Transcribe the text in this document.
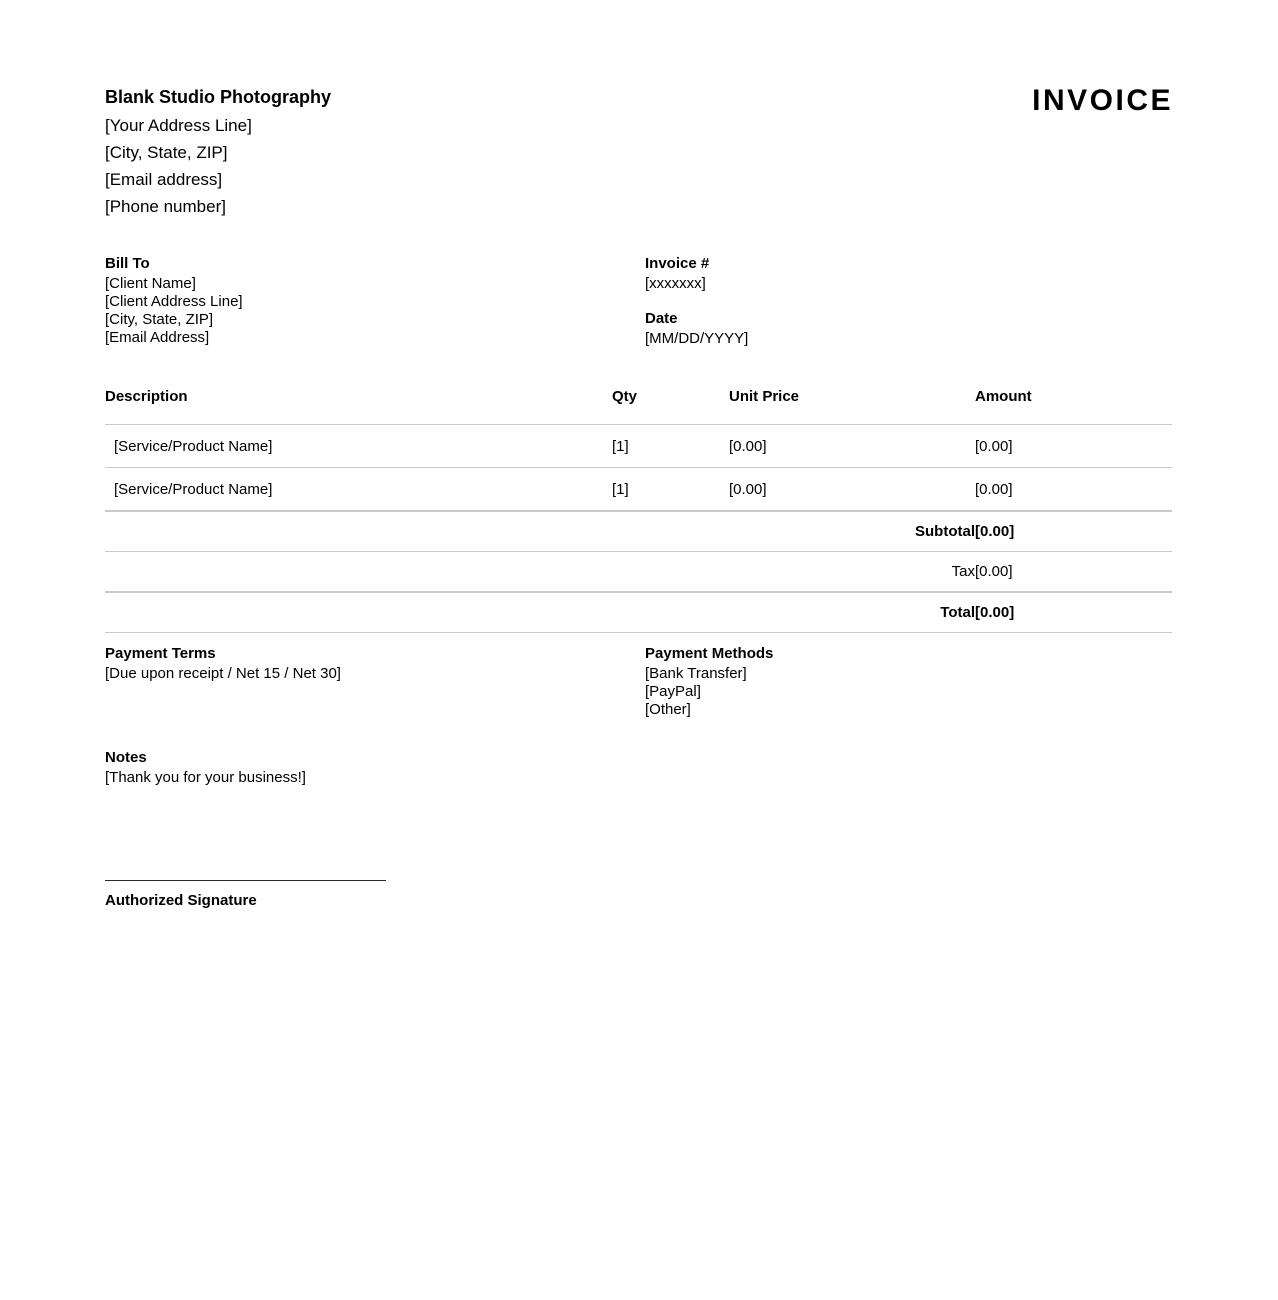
Blank Studio Photography
[Your Address Line]
[City, State, ZIP]
[Email address]
[Phone number]
INVOICE
Bill To
[Client Name]
[Client Address Line]
[City, State, ZIP]
[Email Address]
Invoice #
[xxxxxxx]
Date
[MM/DD/YYYY]
Description	Qty	Unit Price	Amount
[Service/Product Name]	[1]	[0.00]	[0.00]
[Service/Product Name]	[1]	[0.00]	[0.00]
		Subtotal	[0.00]
		Tax	[0.00]
		Total	[0.00]
Payment Terms
[Due upon receipt / Net 15 / Net 30]
Payment Methods
[Bank Transfer]
[PayPal]
[Other]
Notes
[Thank you for your business!]
Authorized Signature
